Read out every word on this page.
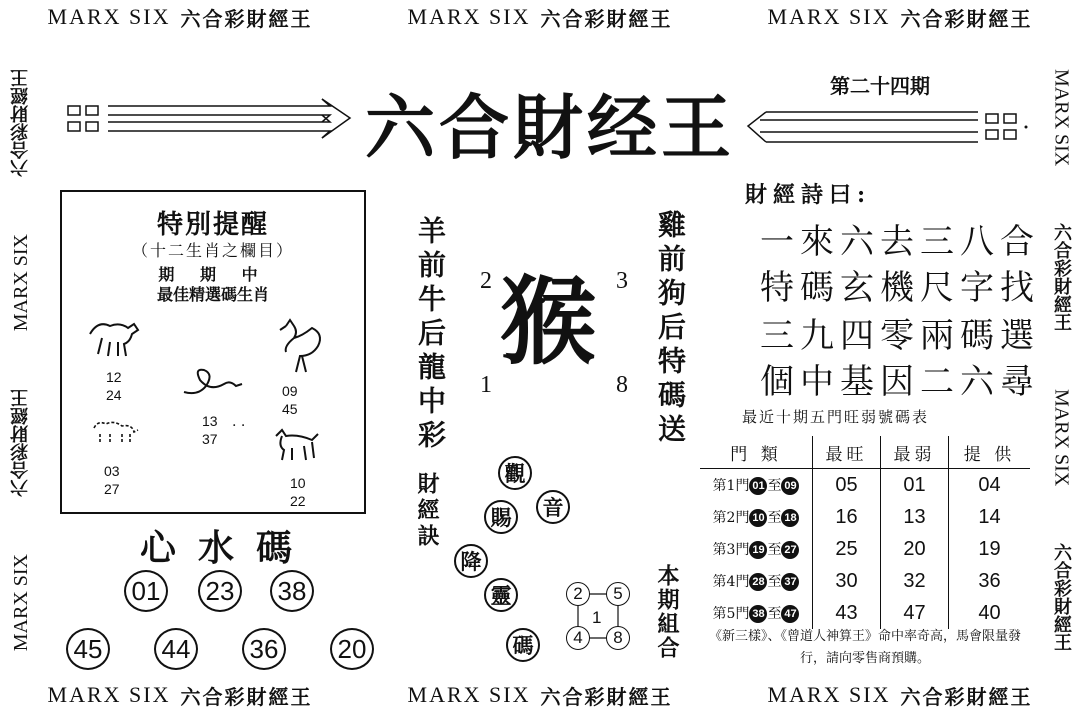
MARX SIX 六合彩財經王	MARX SIX 六合彩財經王	MARX SIX 六合彩財經王
MARX SIX 六合彩財經王	MARX SIX 六合彩財經王	MARX SIX 六合彩財經王
六合彩財經王
MARX SIX
六合彩財經王
MARX SIX
MARX SIX
六合彩財經王
MARX SIX
六合彩財經王
六合財经王
第二十四期
特別提醒
（十二生肖之欄目）
期 期 中
最佳精選碼生肖
12
24
13
37
. .
09
45
03
27	10
22
心水碼
01 23 38
45 44 36 20
羊前牛后龍中彩
財經訣
雞前狗后特碼送
2	3
1	8
猴
觀
音
賜
降
靈
碼
2	5
1
4	8	本期組合
財經詩曰:
一來六去三八合
特碼玄機尺字找
三九四零兩碼選
個中基因二六尋
最近十期五門旺弱號碼表
門 類	最旺	最弱	提 供
第1門 01 至 09	05	01	04
第2門 10 至 18	16	13	14
第3門 19 至 27	25	20	19
第4門 28 至 37	30	32	36
第5門 38 至 47	43	47	40
《新三樣》、《曾道人神算王》命中率奇高，馬會限量發行，請向零售商預購。
